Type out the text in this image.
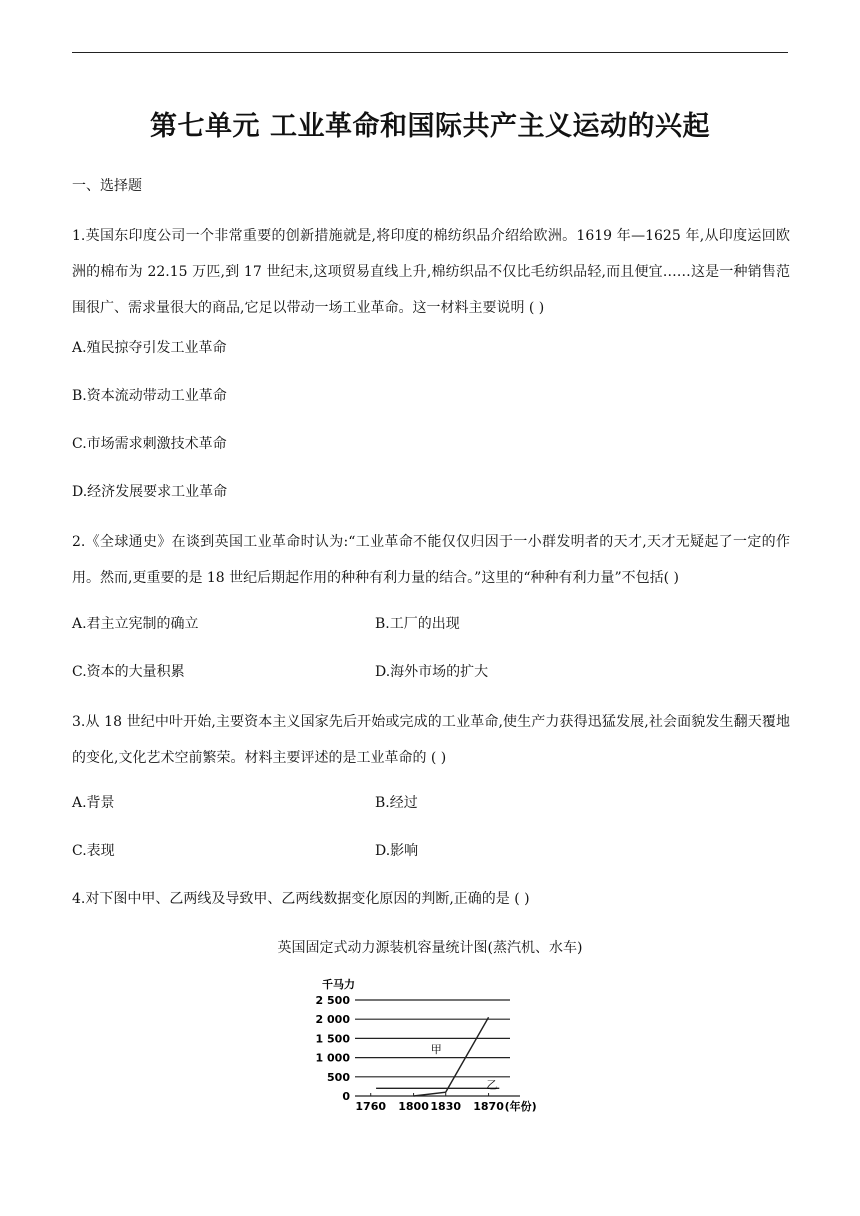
第七单元 工业革命和国际共产主义运动的兴起
一、选择题
1.英国东印度公司一个非常重要的创新措施就是,将印度的棉纺织品介绍给欧洲。1619 年—1625 年,从印度运回欧洲的棉布为 22.15 万匹,到 17 世纪末,这项贸易直线上升,棉纺织品不仅比毛纺织品轻,而且便宜……这是一种销售范围很广、需求量很大的商品,它足以带动一场工业革命。这一材料主要说明 ( )
A.殖民掠夺引发工业革命
B.资本流动带动工业革命
C.市场需求刺激技术革命
D.经济发展要求工业革命
2.《全球通史》在谈到英国工业革命时认为:“工业革命不能仅仅归因于一小群发明者的天才,天才无疑起了一定的作用。然而,更重要的是 18 世纪后期起作用的种种有利力量的结合。”这里的“种种有利力量”不包括( )
A.君主立宪制的确立	B.工厂的出现
C.资本的大量积累	D.海外市场的扩大
3.从 18 世纪中叶开始,主要资本主义国家先后开始或完成的工业革命,使生产力获得迅猛发展,社会面貌发生翻天覆地的变化,文化艺术空前繁荣。材料主要评述的是工业革命的 ( )
A.背景	B.经过
C.表现	D.影响
4.对下图中甲、乙两线及导致甲、乙两线数据变化原因的判断,正确的是 ( )
英国固定式动力源装机容量统计图(蒸汽机、水车)
千马力
0
500
1 000
1 500
2 000
2 500
1760 1800 1830 1870 (年份)
甲
乙
